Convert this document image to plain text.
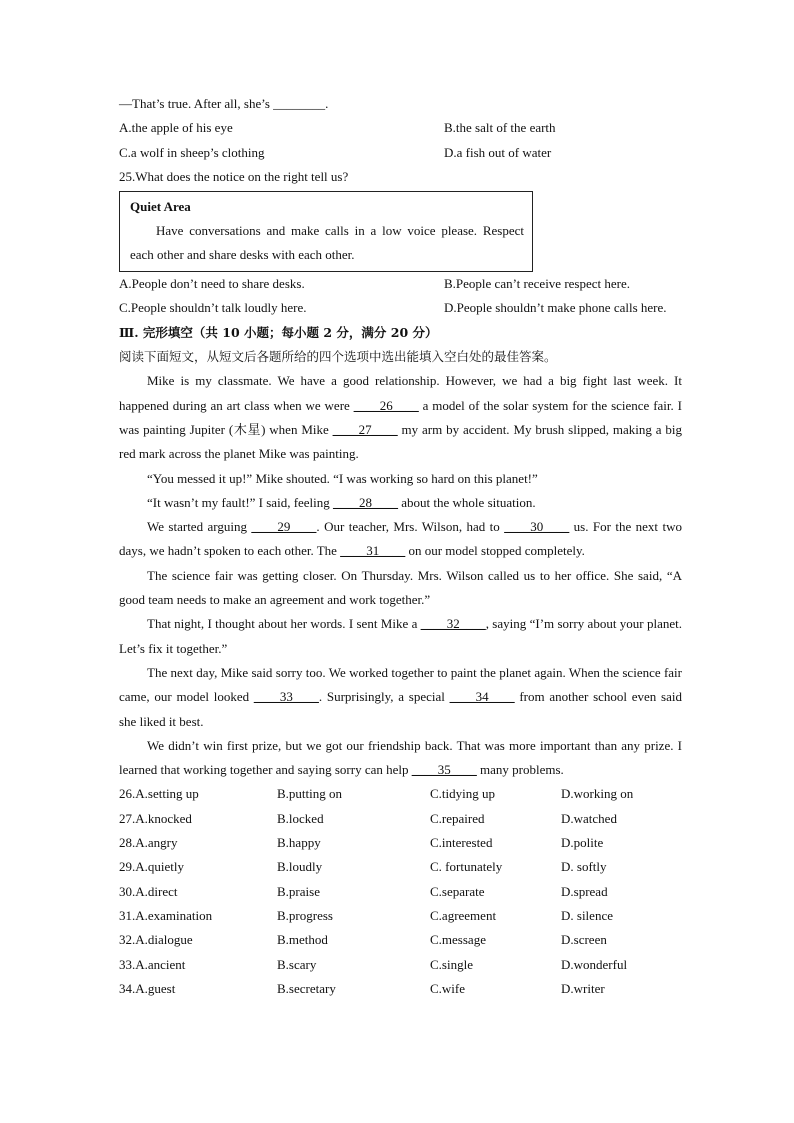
—That’s true. After all, she’s ________.
A.the apple of his eye	B.the salt of the earth
C.a wolf in sheep’s clothing	D.a fish out of water
25.What does the notice on the right tell us?
Quiet Area
Have conversations and make calls in a low voice please. Respect each other and share desks with each other.
A.People don’t need to share desks.	B.People can’t receive respect here.
C.People shouldn’t talk loudly here.	D.People shouldn’t make phone calls here.
Ⅲ. 完形填空（共 10 小题；每小题 2 分，满分 20 分）
阅读下面短文，从短文后各题所给的四个选项中选出能填入空白处的最佳答案。
Mike is my classmate. We have a good relationship. However, we had a big fight last week. It happened during an art class when we were ____26____ a model of the solar system for the science fair. I was painting Jupiter (木星) when Mike ____27____ my arm by accident. My brush slipped, making a big red mark across the planet Mike was painting.
“You messed it up!” Mike shouted. “I was working so hard on this planet!”
“It wasn’t my fault!” I said, feeling ____28____ about the whole situation.
We started arguing ____29____. Our teacher, Mrs. Wilson, had to ____30____ us. For the next two days, we hadn’t spoken to each other. The ____31____ on our model stopped completely.
The science fair was getting closer. On Thursday. Mrs. Wilson called us to her office. She said, “A good team needs to make an agreement and work together.”
That night, I thought about her words. I sent Mike a ____32____, saying “I’m sorry about your planet. Let’s fix it together.”
The next day, Mike said sorry too. We worked together to paint the planet again. When the science fair came, our model looked ____33____. Surprisingly, a special ____34____ from another school even said she liked it best.
We didn’t win first prize, but we got our friendship back. That was more important than any prize. I learned that working together and saying sorry can help ____35____ many problems.
26.A.setting up	B.putting on	C.tidying up	D.working on
27.A.knocked	B.locked	C.repaired	D.watched
28.A.angry	B.happy	C.interested	D.polite
29.A.quietly	B.loudly	C. fortunately	D. softly
30.A.direct	B.praise	C.separate	D.spread
31.A.examination	B.progress	C.agreement	D. silence
32.A.dialogue	B.method	C.message	D.screen
33.A.ancient	B.scary	C.single	D.wonderful
34.A.guest	B.secretary	C.wife	D.writer
